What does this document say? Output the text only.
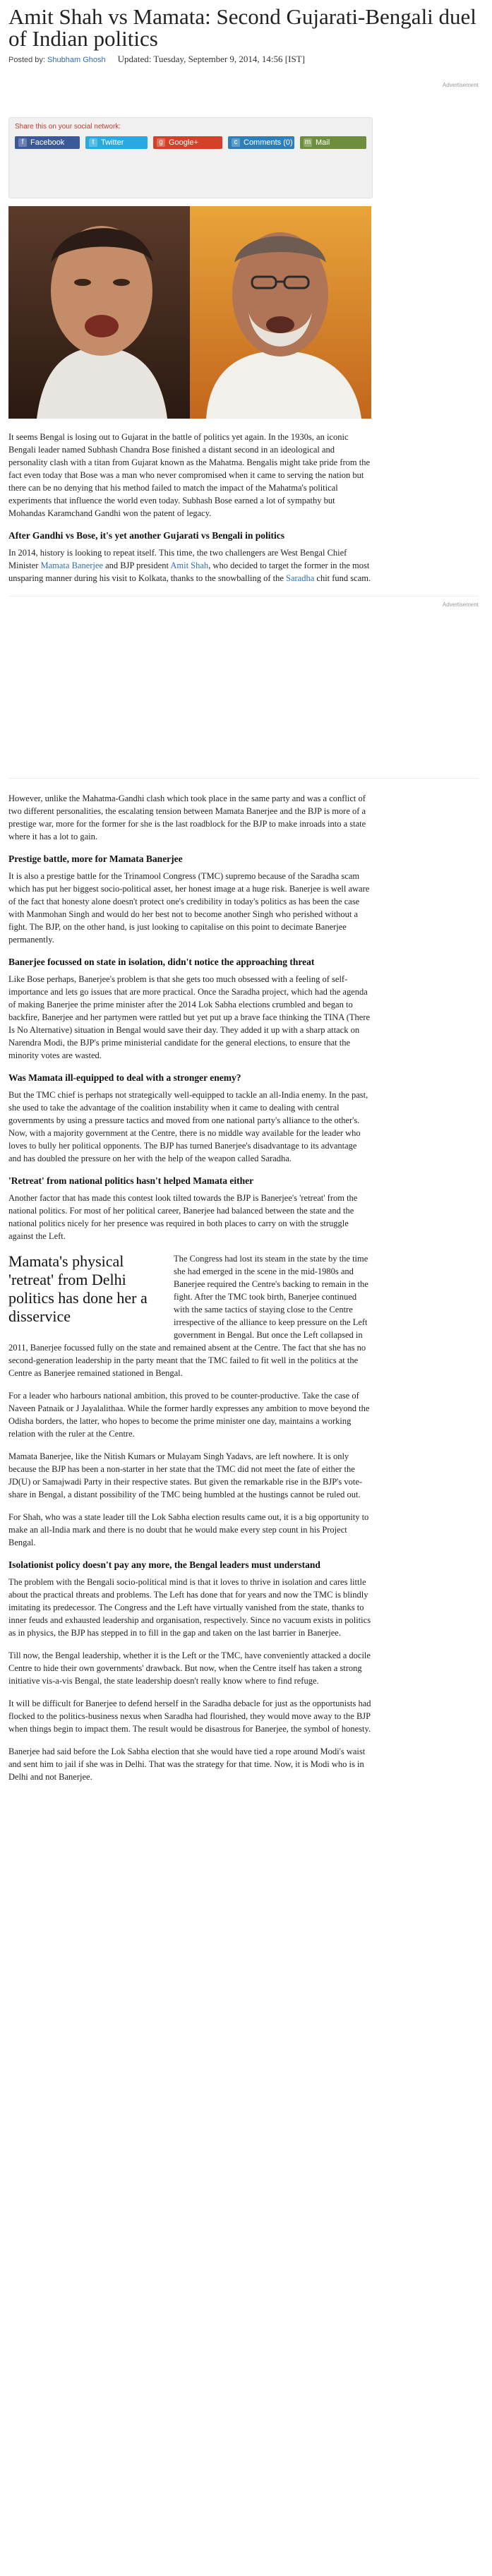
Amit Shah vs Mamata: Second Gujarati-Bengali duel of Indian politics
Posted by: Shubham Ghosh Updated: Tuesday, September 9, 2014, 14:56 [IST]
Advertisement
Share this on your social network:
f Facebook	t Twitter	g Google+	c Comments (0) m Mail

It seems Bengal is losing out to Gujarat in the battle of politics yet again. In the 1930s, an iconic Bengali leader named Subhash Chandra Bose finished a distant second in an ideological and personality clash with a titan from Gujarat known as the Mahatma. Bengalis might take pride from the fact even today that Bose was a man who never compromised when it came to serving the nation but there can be no denying that his method failed to match the impact of the Mahatma's political experiments that influence the world even today. Subhash Bose earned a lot of sympathy but Mohandas Karamchand Gandhi won the patent of legacy.

After Gandhi vs Bose, it's yet another Gujarati vs Bengali in politics

In 2014, history is looking to repeat itself. This time, the two challengers are West Bengal Chief Minister Mamata Banerjee and BJP president Amit Shah, who decided to target the former in the most unsparing manner during his visit to Kolkata, thanks to the snowballing of the Saradha chit fund scam.

Advertisement

However, unlike the Mahatma-Gandhi clash which took place in the same party and was a conflict of two different personalities, the escalating tension between Mamata Banerjee and the BJP is more of a prestige war, more for the former for she is the last roadblock for the BJP to make inroads into a state where it has a lot to gain.

Prestige battle, more for Mamata Banerjee

It is also a prestige battle for the Trinamool Congress (TMC) supremo because of the Saradha scam which has put her biggest socio-political asset, her honest image at a huge risk. Banerjee is well aware of the fact that honesty alone doesn't protect one's credibility in today's politics as has been the case with Manmohan Singh and would do her best not to become another Singh who perished without a fight. The BJP, on the other hand, is just looking to capitalise on this point to decimate Banerjee permanently.

Banerjee focussed on state in isolation, didn't notice the approaching threat

Like Bose perhaps, Banerjee's problem is that she gets too much obsessed with a feeling of self-importance and lets go issues that are more practical. Once the Saradha project, which had the agenda of making Banerjee the prime minister after the 2014 Lok Sabha elections crumbled and began to backfire, Banerjee and her partymen were rattled but yet put up a brave face thinking the TINA (There Is No Alternative) situation in Bengal would save their day. They added it up with a sharp attack on Narendra Modi, the BJP's prime ministerial candidate for the general elections, to ensure that the minority votes are wasted.

Was Mamata ill-equipped to deal with a stronger enemy?

But the TMC chief is perhaps not strategically well-equipped to tackle an all-India enemy. In the past, she used to take the advantage of the coalition instability when it came to dealing with central governments by using a pressure tactics and moved from one national party's alliance to the other's. Now, with a majority government at the Centre, there is no middle way available for the leader who loves to bully her political opponents. The BJP has turned Banerjee's disadvantage to its advantage and has doubled the pressure on her with the help of the weapon called Saradha.

'Retreat' from national politics hasn't helped Mamata either

Another factor that has made this contest look tilted towards the BJP is Banerjee's 'retreat' from the national politics. For most of her political career, Banerjee had balanced between the state and the national politics nicely for her presence was required in both places to carry on with the struggle against the Left.

Mamata's physical 'retreat' from Delhi politics has done her a disservice

The Congress had lost its steam in the state by the time she had emerged in the scene in the mid-1980s and Banerjee required the Centre's backing to remain in the fight. After the TMC took birth, Banerjee continued with the same tactics of staying close to the Centre irrespective of the alliance to keep pressure on the Left government in Bengal. But once the Left collapsed in 2011, Banerjee focussed fully on the state and remained absent at the Centre. The fact that she has no second-generation leadership in the party meant that the TMC failed to fit well in the politics at the Centre as Banerjee remained stationed in Bengal.

For a leader who harbours national ambition, this proved to be counter-productive. Take the case of Naveen Patnaik or J Jayalalithaa. While the former hardly expresses any ambition to move beyond the Odisha borders, the latter, who hopes to become the prime minister one day, maintains a working relation with the ruler at the Centre.

Mamata Banerjee, like the Nitish Kumars or Mulayam Singh Yadavs, are left nowhere. It is only because the BJP has been a non-starter in her state that the TMC did not meet the fate of either the JD(U) or Samajwadi Party in their respective states. But given the remarkable rise in the BJP's vote-share in Bengal, a distant possibility of the TMC being humbled at the hustings cannot be ruled out.

For Shah, who was a state leader till the Lok Sabha election results came out, it is a big opportunity to make an all-India mark and there is no doubt that he would make every step count in his Project Bengal.

Isolationist policy doesn't pay any more, the Bengal leaders must understand

The problem with the Bengali socio-political mind is that it loves to thrive in isolation and cares little about the practical threats and problems. The Left has done that for years and now the TMC is blindly imitating its predecessor. The Congress and the Left have virtually vanished from the state, thanks to inner feuds and exhausted leadership and organisation, respectively. Since no vacuum exists in politics as in physics, the BJP has stepped in to fill in the gap and taken on the last barrier in Banerjee.

Till now, the Bengal leadership, whether it is the Left or the TMC, have conveniently attacked a docile Centre to hide their own governments' drawback. But now, when the Centre itself has taken a strong initiative vis-a-vis Bengal, the state leadership doesn't really know where to find refuge.

It will be difficult for Banerjee to defend herself in the Saradha debacle for just as the opportunists had flocked to the politics-business nexus when Saradha had flourished, they would move away to the BJP when things begin to impact them. The result would be disastrous for Banerjee, the symbol of honesty.

Banerjee had said before the Lok Sabha election that she would have tied a rope around Modi's waist and sent him to jail if she was in Delhi. That was the strategy for that time. Now, it is Modi who is in Delhi and not Banerjee.
